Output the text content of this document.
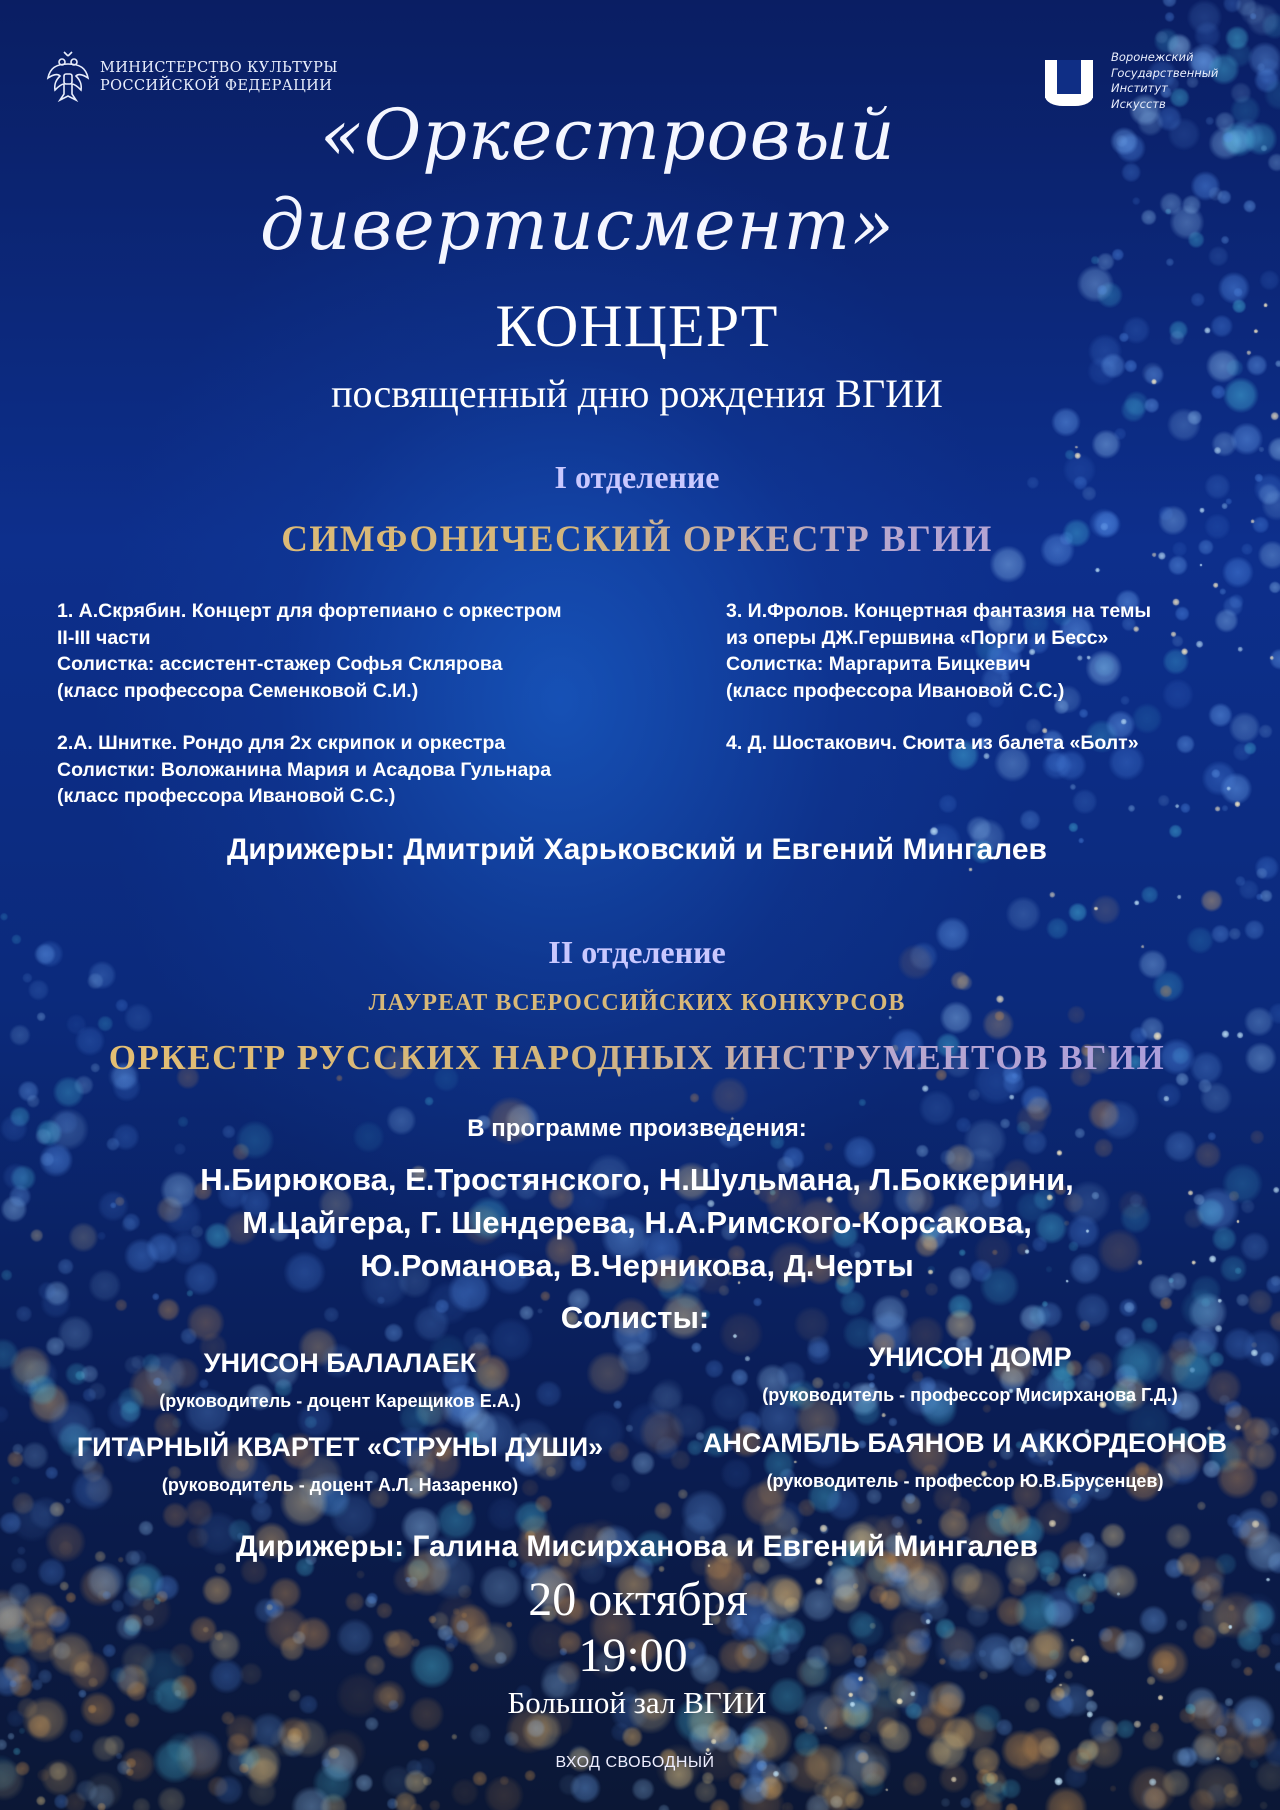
МИНИСТЕРСТВО КУЛЬТУРЫ
РОССИЙСКОЙ ФЕДЕРАЦИИ
Воронежский
Государственный
Институт
Искусств
«Оркестровый
дивертисмент»
КОНЦЕРТ
посвященный дню рождения ВГИИ
I отделение
СИМФОНИЧЕСКИЙ ОРКЕСТР ВГИИ

1. А.Скрябин. Концерт для фортепиано с оркестром

II-III части

Солистка: ассистент-стажер Софья Склярова

(класс профессора Семенковой С.И.)

2.А. Шнитке. Рондо для 2х скрипок и оркестра

Солистки: Воложанина Мария и Асадова Гульнара

(класс профессора Ивановой С.С.)

3. И.Фролов. Концертная фантазия на темы

из оперы ДЖ.Гершвина «Порги и Бесс»

Солистка: Маргарита Бицкевич

(класс профессора Ивановой С.С.)

4. Д. Шостакович. Сюита из балета «Болт»

Дирижеры: Дмитрий Харьковский и Евгений Мингалев
II отделение
ЛАУРЕАТ ВСЕРОССИЙСКИХ КОНКУРСОВ
ОРКЕСТР РУССКИХ НАРОДНЫХ ИНСТРУМЕНТОВ ВГИИ
В программе произведения:
Н.Бирюкова, Е.Тростянского, Н.Шульмана, Л.Боккерини,
М.Цайгера, Г. Шендерева, Н.А.Римского-Корсакова,
Ю.Романова, В.Черникова, Д.Черты
Солисты:
УНИСОН БАЛАЛАЕК
(руководитель - доцент Карещиков Е.А.)
ГИТАРНЫЙ КВАРТЕТ «СТРУНЫ ДУШИ»
(руководитель - доцент А.Л. Назаренко)
УНИСОН ДОМР
(руководитель - профессор Мисирханова Г.Д.)
АНСАМБЛЬ БАЯНОВ И АККОРДЕОНОВ
(руководитель - профессор Ю.В.Брусенцев)
Дирижеры: Галина Мисирханова и Евгений Мингалев
20 октября
19:00
Большой зал ВГИИ
ВХОД СВОБОДНЫЙ
